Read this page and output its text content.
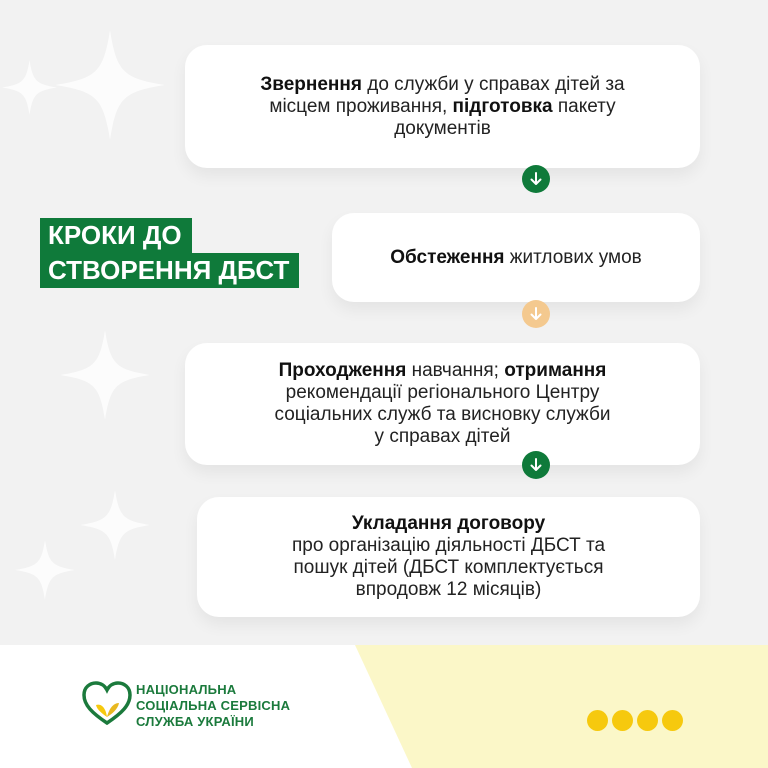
КРОКИ ДО
СТВОРЕННЯ ДБСТ
Звернення до служби у справах дітей за
місцем проживання, підготовка пакету
документів
Обстеження житлових умов
Проходження навчання; отримання
рекомендації регіонального Центру
соціальних служб та висновку служби
у справах дітей
Укладання договору
про організацію діяльності ДБСТ та
пошук дітей (ДБСТ комплектується
впродовж 12 місяців)
НАЦІОНАЛЬНА
СОЦІАЛЬНА СЕРВІСНА
СЛУЖБА УКРАЇНИ
